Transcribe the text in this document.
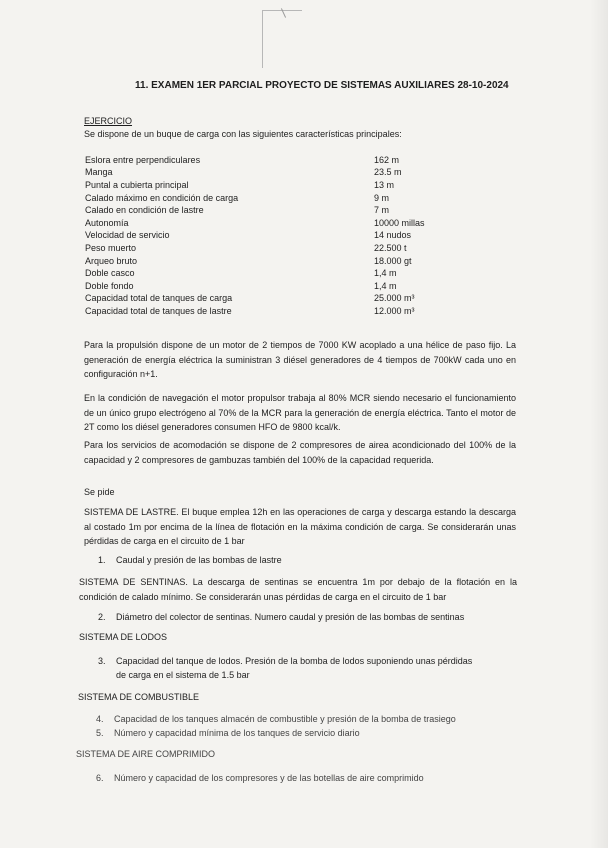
11. EXAMEN 1ER PARCIAL PROYECTO DE SISTEMAS AUXILIARES 28-10-2024
EJERCICIO
Se dispone de un buque de carga con las siguientes características principales:
Eslora entre perpendiculares	162 m
Manga	23.5 m
Puntal a cubierta principal	13 m
Calado máximo en condición de carga	9 m
Calado en condición de lastre	7 m
Autonomía	10000 millas
Velocidad de servicio	14 nudos
Peso muerto	22.500 t
Arqueo bruto	18.000 gt
Doble casco	1,4 m
Doble fondo	1,4 m
Capacidad total de tanques de carga	25.000 m³
Capacidad total de tanques de lastre	12.000 m³
Para la propulsión dispone de un motor de 2 tiempos de 7000 KW acoplado a una hélice de paso fijo. La generación de energía eléctrica la suministran 3 diésel generadores de 4 tiempos de 700kW cada uno en configuración n+1.
En la condición de navegación el motor propulsor trabaja al 80% MCR siendo necesario el funcionamiento de un único grupo electrógeno al 70% de la MCR para la generación de energía eléctrica. Tanto el motor de 2T como los diésel generadores consumen HFO de 9800 kcal/k.
Para los servicios de acomodación se dispone de 2 compresores de airea acondicionado del 100% de la capacidad y 2 compresores de gambuzas también del 100% de la capacidad requerida.
Se pide
SISTEMA DE LASTRE. El buque emplea 12h en las operaciones de carga y descarga estando la descarga al costado 1m por encima de la línea de flotación en la máxima condición de carga. Se considerarán unas pérdidas de carga en el circuito de 1 bar
1. Caudal y presión de las bombas de lastre
SISTEMA DE SENTINAS. La descarga de sentinas se encuentra 1m por debajo de la flotación en la condición de calado mínimo. Se considerarán unas pérdidas de carga en el circuito de 1 bar
2. Diámetro del colector de sentinas. Numero caudal y presión de las bombas de sentinas
SISTEMA DE LODOS
3. Capacidad del tanque de lodos. Presión de la bomba de lodos suponiendo unas pérdidas
de carga en el sistema de 1.5 bar
SISTEMA DE COMBUSTIBLE
4. Capacidad de los tanques almacén de combustible y presión de la bomba de trasiego
5. Número y capacidad mínima de los tanques de servicio diario
SISTEMA DE AIRE COMPRIMIDO
6. Número y capacidad de los compresores y de las botellas de aire comprimido
